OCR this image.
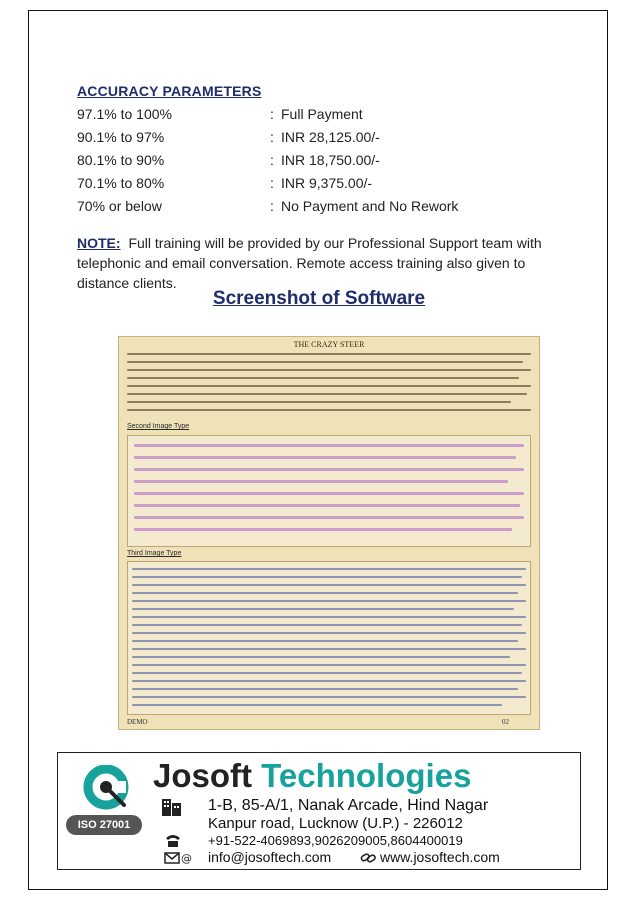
ACCURACY PARAMETERS
97.1% to 100%	: Full Payment
90.1% to 97%	: INR 28,125.00/-
80.1% to 90%	: INR 18,750.00/-
70.1% to 80%	: INR 9,375.00/-
70% or below	: No Payment and No Rework
NOTE: Full training will be provided by our Professional Support team with telephonic and email conversation. Remote access training also given to distance clients.
Screenshot of Software
THE CRAZY STEER
Second Image Type
Third Image Type
DEMO	02
Josoft Technologies
ISO 27001
1-B, 85-A/1, Nanak Arcade, Hind Nagar
Kanpur road, Lucknow (U.P.) - 226012
+91-522-4069893,9026209005,8604400019
@ info@josoftech.com	www.josoftech.com
